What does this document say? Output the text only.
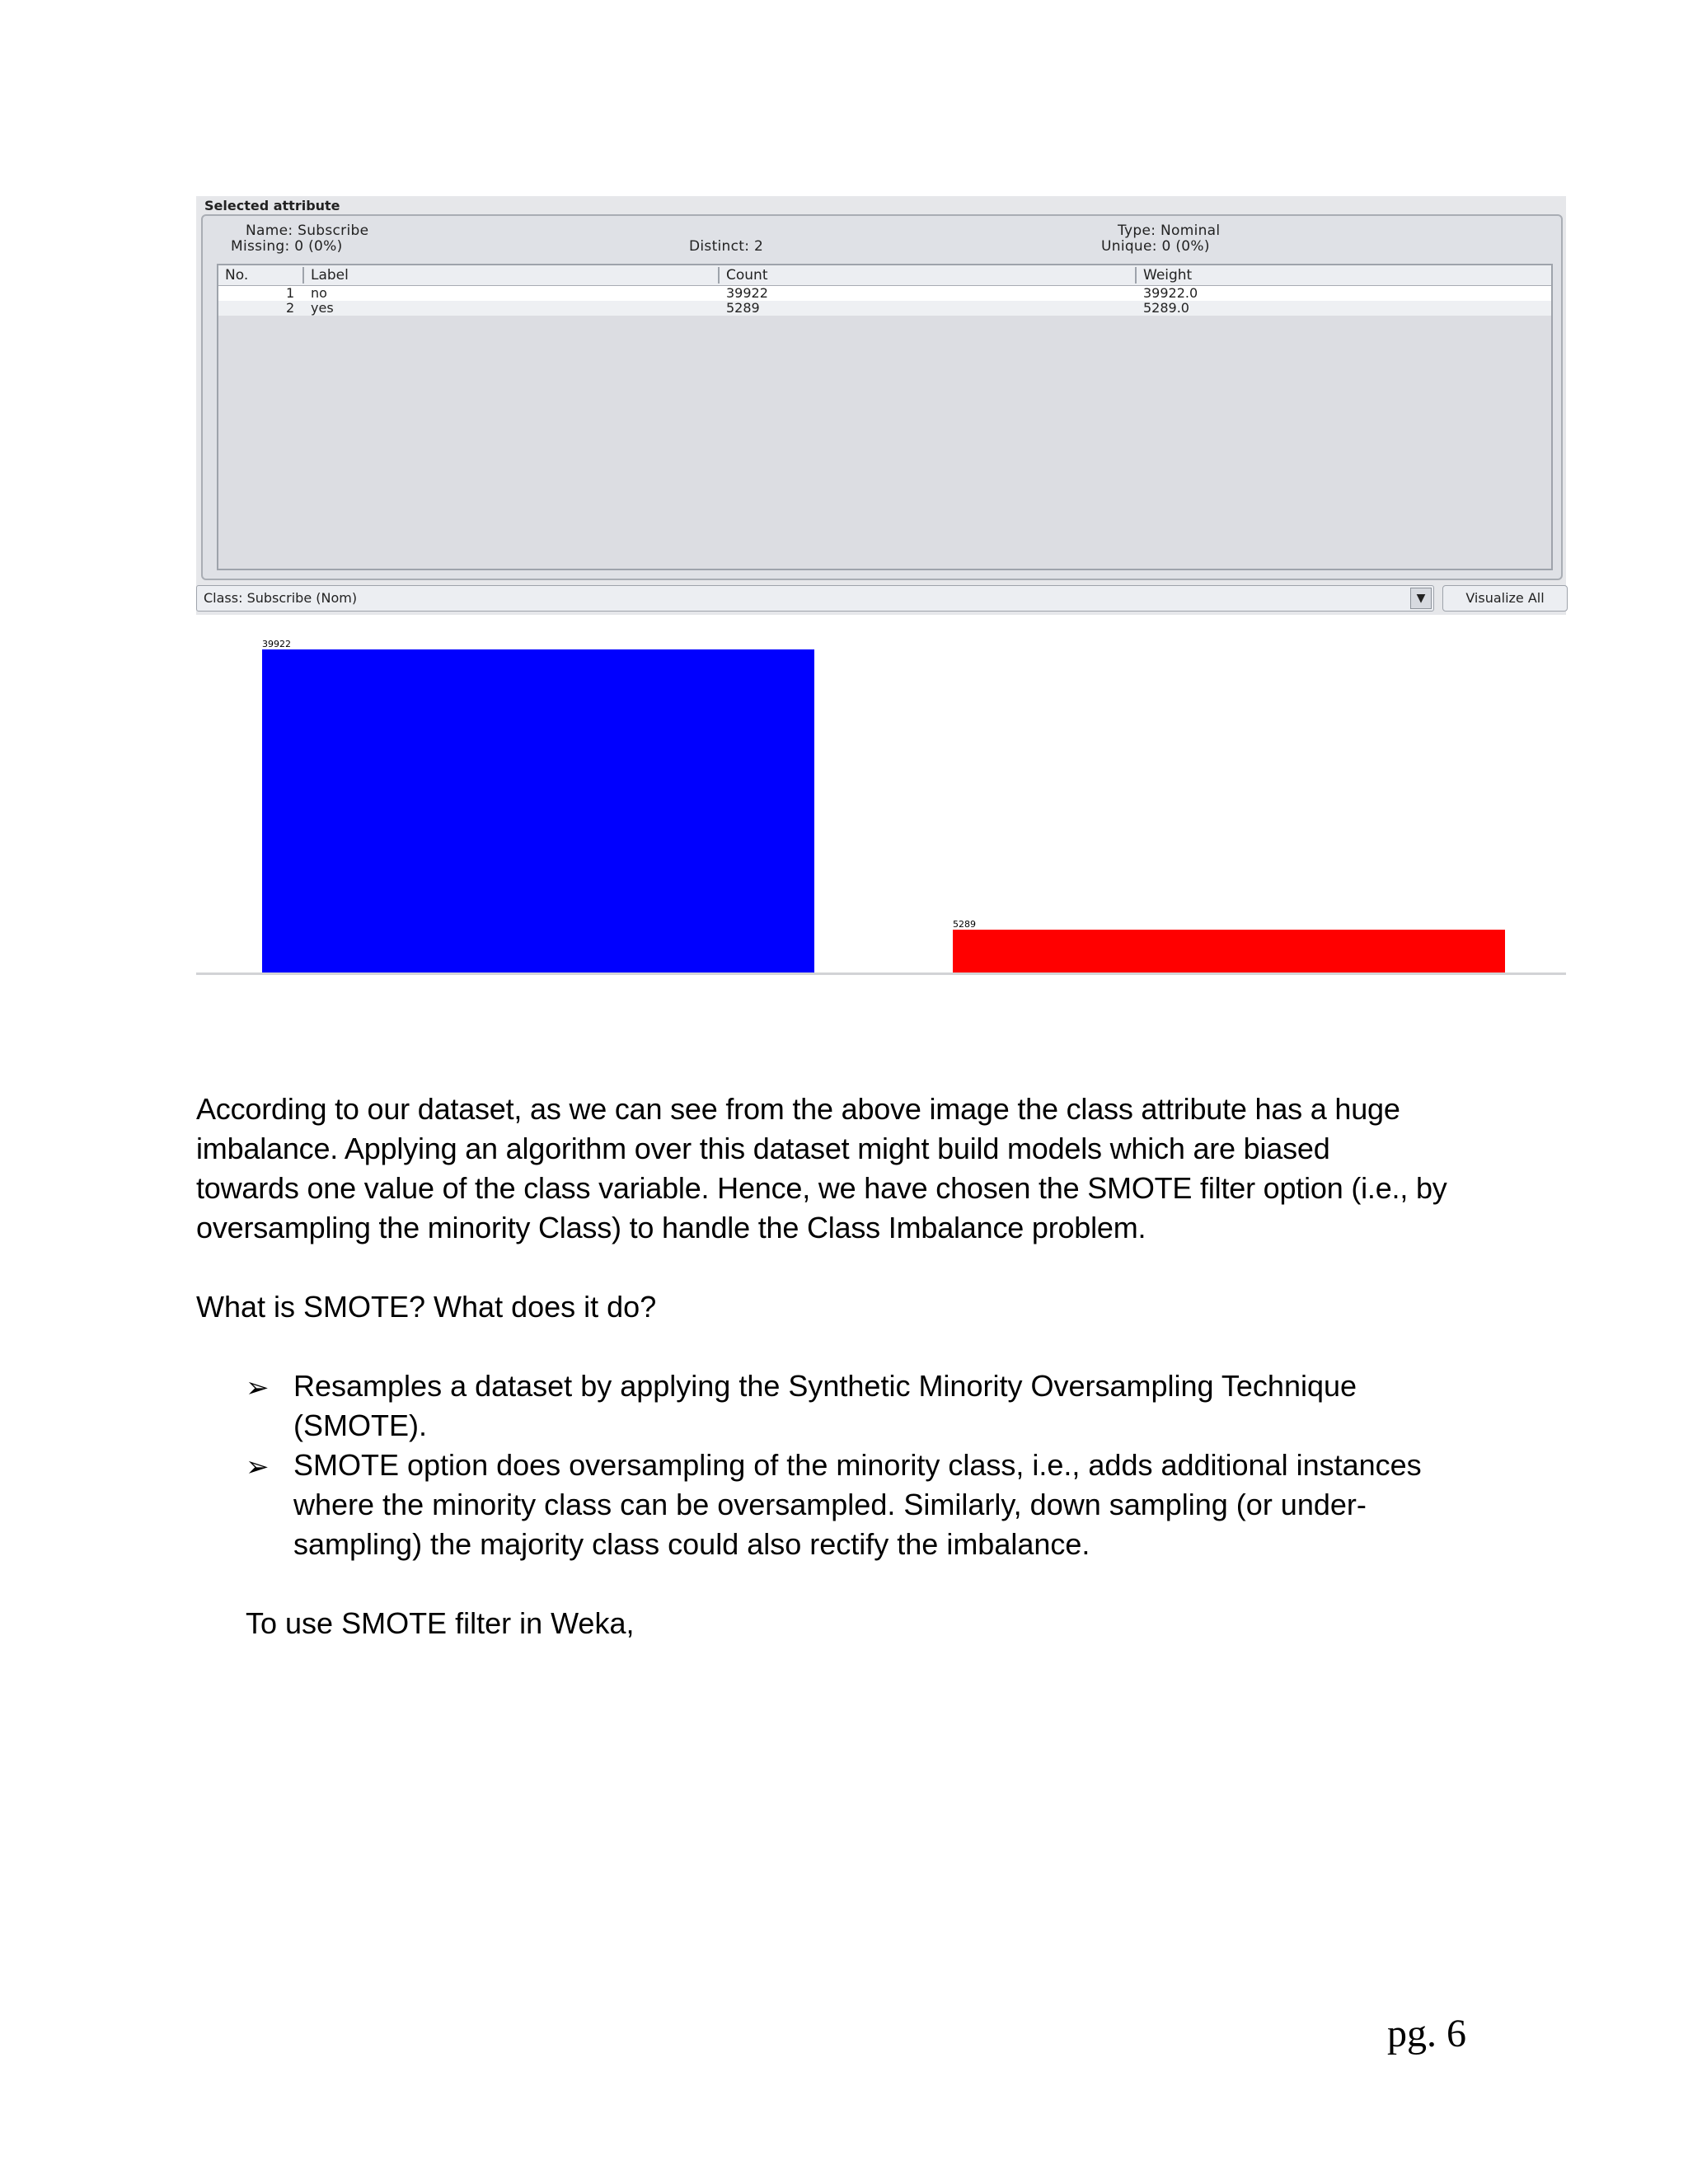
Selected attribute
Name: Subscribe
Missing: 0 (0%)	Distinct: 2
Type: Nominal
Unique: 0 (0%)
No.	Label	Count	Weight
1 no	39922	39922.0
2 yes	5289	5289.0
Class: Subscribe (Nom)	▼	Visualize All
39922
5289
According to our dataset, as we can see from the above image the class attribute has a huge
imbalance. Applying an algorithm over this dataset might build models which are biased
towards one value of the class variable. Hence, we have chosen the SMOTE filter option (i.e., by
oversampling the minority Class) to handle the Class Imbalance problem.
What is SMOTE? What does it do?
➢ Resamples a dataset by applying the Synthetic Minority Oversampling Technique
(SMOTE).
➢ SMOTE option does oversampling of the minority class, i.e., adds additional instances
where the minority class can be oversampled. Similarly, down sampling (or under-
sampling) the majority class could also rectify the imbalance.
To use SMOTE filter in Weka,
pg. 6
